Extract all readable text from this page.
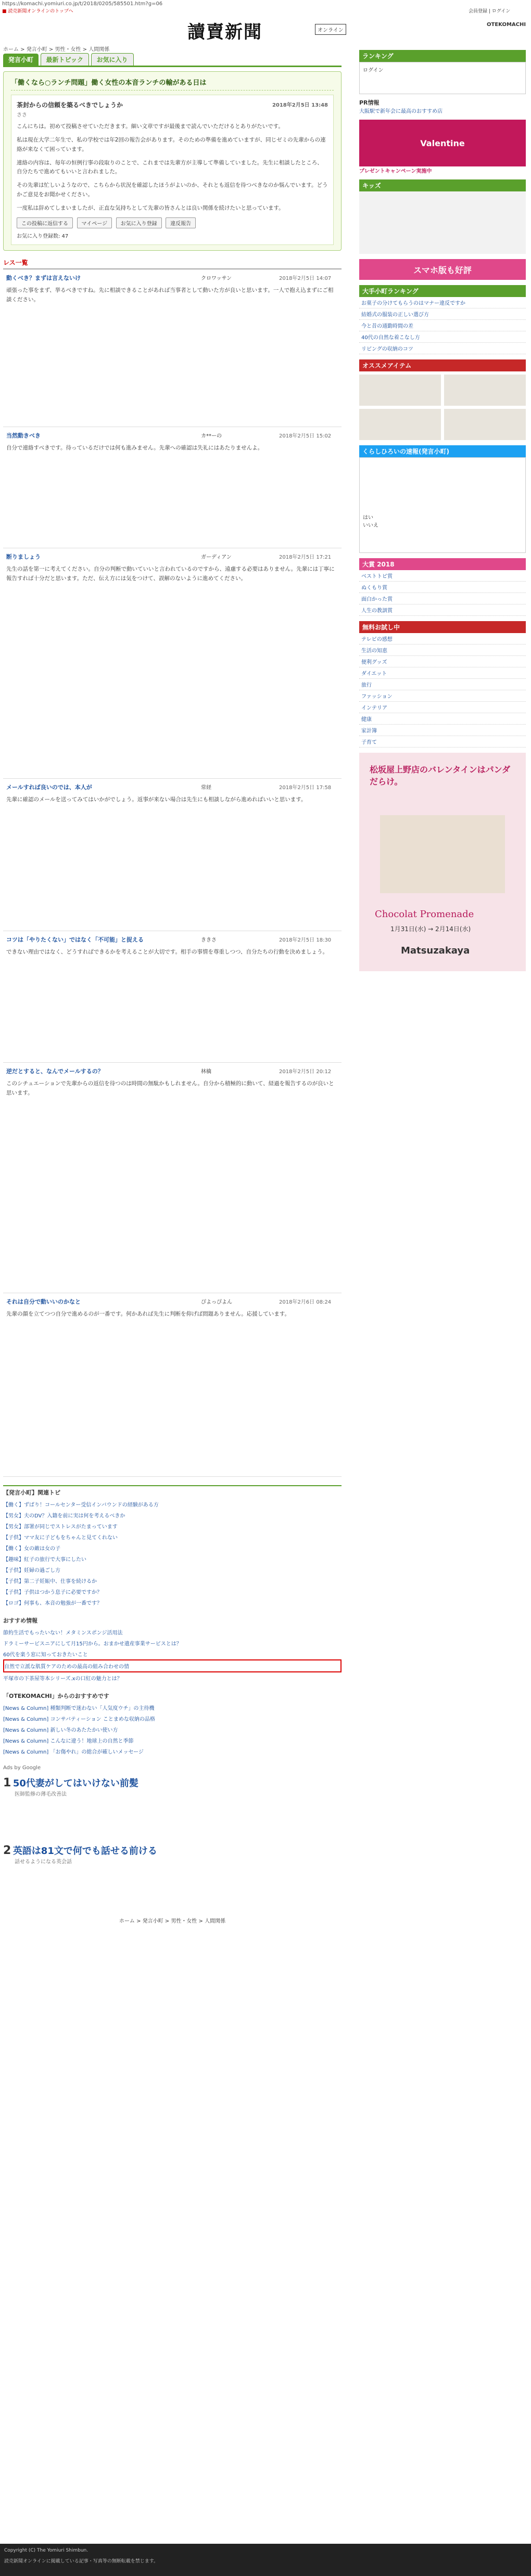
https://komachi.yomiuri.co.jp/t/2018/0205/585501.htm?g=06
■ 読売新聞オンラインのトップへ	会員登録 | ログイン
讀賣新聞	オンライン
OTEKOMACHI
ホーム > 発言小町 > 男性・女性 > 人間関係
発言小町 最新トピック お気に入り
「働くなら○ランチ問題」働く女性の本音ランチの輸がある日は
茶封からの信頼を築るべきでしょうか	2018年2月5日 13:48
ささ

こんにちは。初めて投稿させていただきます。細い文章ですが最後まで読んでいただけるとありがたいです。

私は現在大学二年生で、私の学校では年2回の報告会があります。そのための準備を進めていますが、同じゼミの先輩からの連絡が来なくて困っています。

連絡の内容は、毎年の恒例行事の段取りのことで、これまでは先輩方が主導して準備していました。先生に相談したところ、自分たちで進めてもいいと言われました。

その先輩は忙しいようなので、こちらから状況を確認したほうがよいのか、それとも返信を待つべきなのか悩んでいます。どうかご意見をお聞かせください。

一度私は辞めてしまいましたが、正直な気持ちとして先輩の皆さんとは良い関係を続けたいと思っています。

この投稿に返信する	マイページ	お気に入り登録	違反報告
お気に入り登録数: 47
レス一覧
動くべき？まずは言えないけ	クロワッサン	2018年2月5日 14:07
頑張った事をまず、挙るべきですね。先に相談できることがあれば当事者として動いた方が良いと思います。一人で抱え込まずにご相談ください。
当然動きべき	カ**ーの	2018年2月5日 15:02
自分で連絡すべきです。待っているだけでは何も進みません。先輩への確認は失礼にはあたりませんよ。
断りましょう	ガーディアン	2018年2月5日 17:21
先生の話を第一に考えてください。自分の判断で動いていいと言われているのですから、遠慮する必要はありません。先輩には丁寧に報告すれば十分だと思います。ただ、伝え方には気をつけて、誤解のないように進めてください。
メールすれば良いのでは、本人が	常経	2018年2月5日 17:58
先輩に確認のメールを送ってみてはいかがでしょう。返事が来ない場合は先生にも相談しながら進めればいいと思います。
コツは「やりたくない」ではなく「不可能」と捉える	ききさ	2018年2月5日 18:30
できない理由ではなく、どうすればできるかを考えることが大切です。相手の事情を尊重しつつ、自分たちの行動を決めましょう。
逆だとすると、なんでメールするの？	林檎	2018年2月5日 20:12
このシチュエーションで先輩からの返信を待つのは時間の無駄かもしれません。自分から積極的に動いて、経過を報告するのが良いと思います。
それは自分で動いいのかなと	ぴよっぴよん	2018年2月6日 08:24
先輩の顔を立てつつ自分で進めるのが一番です。何かあれば先生に判断を仰げば問題ありません。応援しています。
【発言小町】関連トピ
【働く】ずばり！コールセンター受信インバウンドの経験がある方
【男女】夫のDV？入籍を前に実は何を考えるべきか
【男女】部署が同じでストレスがたまっています
【子供】ママ友に子どもをちゃんと見てくれない
【働く】女の敵は女の子
【趣味】紅子の旅行で大事にしたい
【子供】妊婦の過ごし方
【子供】第二子妊娠中、仕事を続けるか
【子供】子供はつかう息子に必要ですか？
【ロゴ】何事も、本音の勉強が一番です？
おすすめ情報
節約生活でもったいない！メタミンスポンジ活用法
ドラミーサービスニアにして月15円から。おまかせ遺産事業サービスとは？
60代を楽う窓に知っておきたいこと
自然で立派な肌質ケアのための最高の組み合わせの情
平塚市の下茶屋等本シリーズ.xの口紅の魅力とは？
「OTEKOMACHI」からのおすすめです
[News & Column] 種類判断で迷わない「人気度ウチ」の主待機
[News & Column] コンサバティーション ことまめな収納の品格
[News & Column] 新しい冬のあたたかい使い方
[News & Column] こんなに違う！地球上の自然と季節
[News & Column] 「お傷やれ」の総合が確しいメッセージ
Ads by Google
1 50代妻がしてはいけない前髪
医師監修の薄毛改善法
2 英語は81文で何でも話せる前ける
話せるようになる英会話
ホーム > 発言小町 > 男性・女性 > 人間関係
ランキング
ログイン
PR情報
大阪駅で新年会に最高のおすすめ店
Valentine
プレゼントキャンペーン実施中
キッズ
スマホ版も好評
大手小町ランキング
お菓子の分けてもらうのはマナー違反ですか
結婚式の服装の正しい選び方
今と昔の通勤時間の差
40代の自然な着こなし方
リビングの収納のコツ
オススメアイテム
くらしひろいの速報(発言小町)
はい
いいえ
大賞 2018
ベストトピ賞
ぬくもり賞
面白かった賞
人生の教訓賞
無料お試し中
テレビの感想
生活の知恵
便利グッズ
ダイエット
旅行
ファッション
インテリア
健康
家計簿
子育て
松坂屋上野店のバレンタインはパンダだらけ。
Chocolat Promenade
1月31日(水) → 2月14日(水)
Matsuzakaya
Copyright (C) The Yomiuri Shimbun.
読売新聞オンラインに掲載している記事・写真等の無断転載を禁じます。
